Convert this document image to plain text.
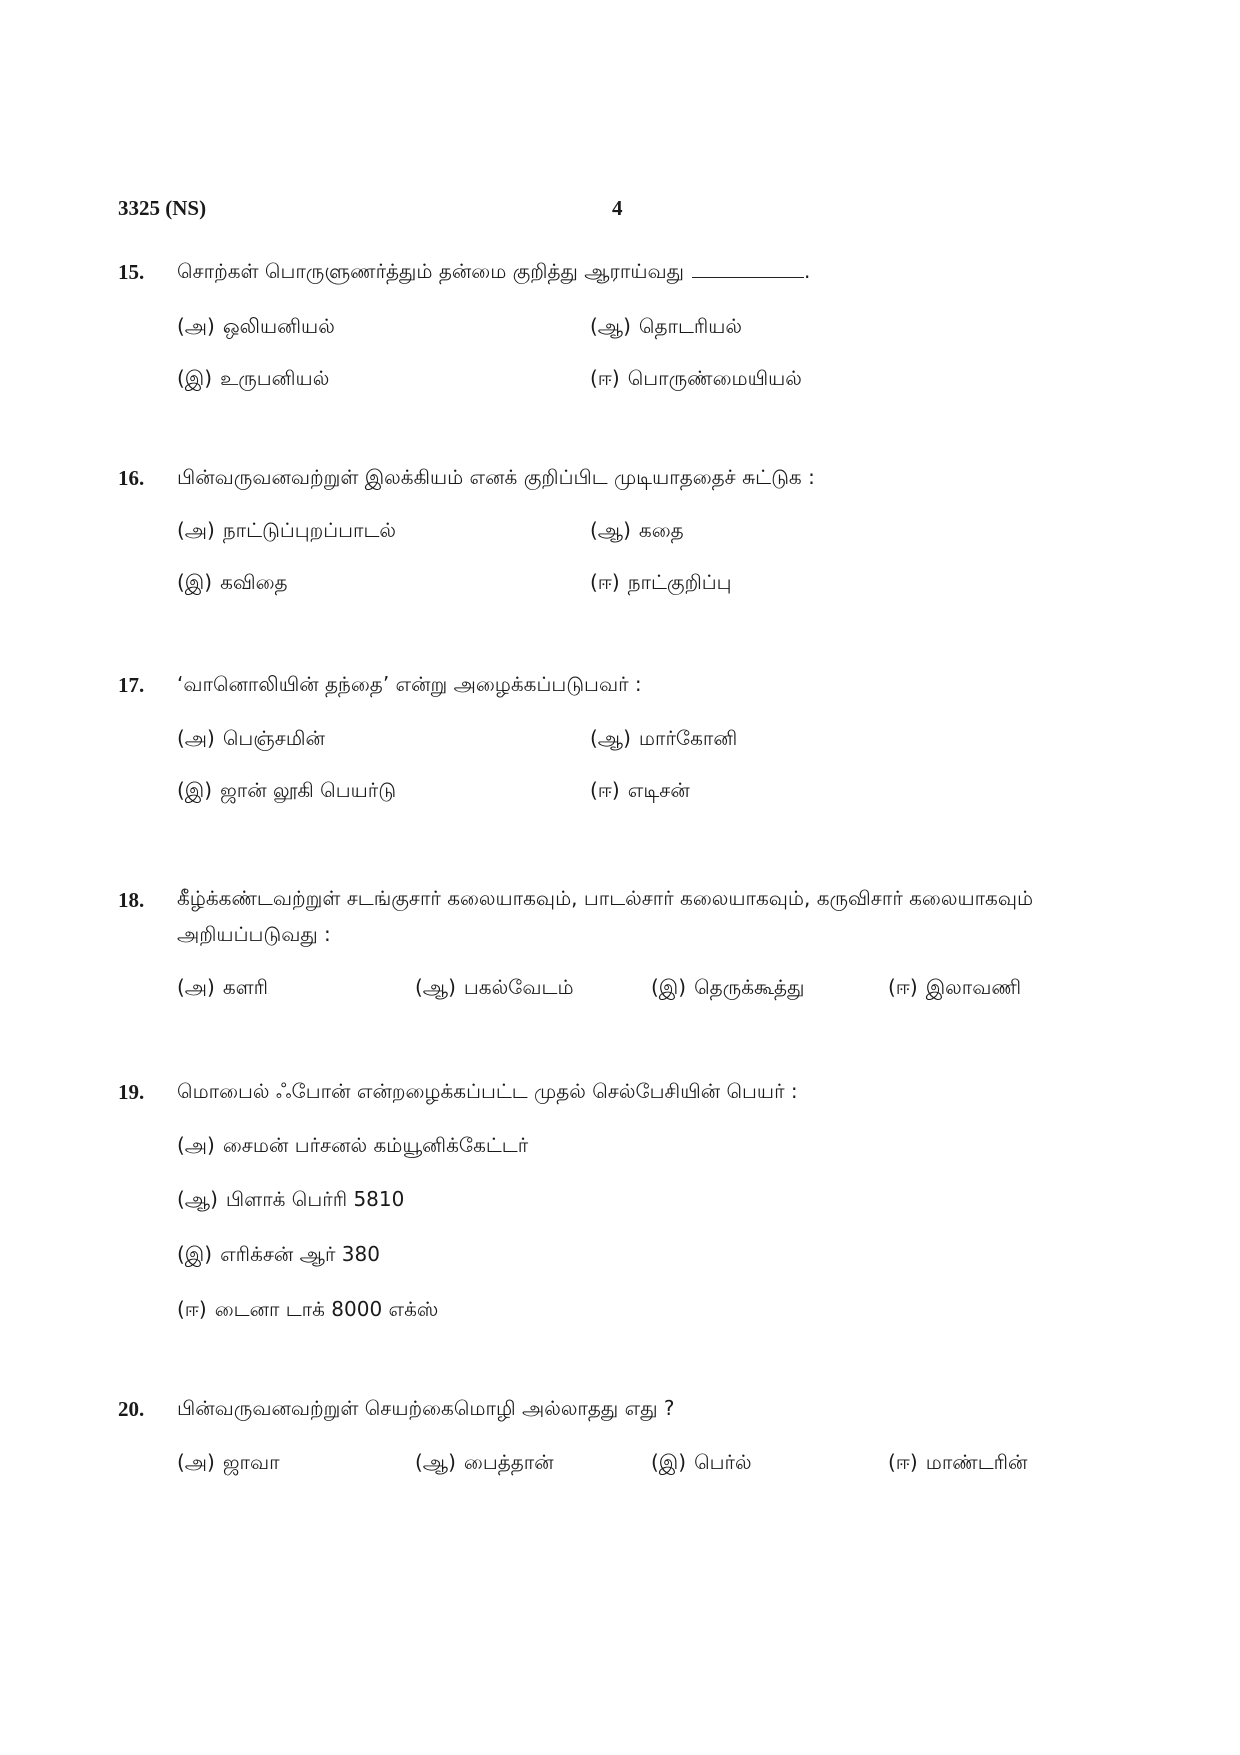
3325 (NS)	4
15. சொற்கள் பொருளுணர்த்தும் தன்மை குறித்து ஆராய்வது	.
(அ) ஒலியனியல்	(ஆ) தொடரியல்
(இ) உருபனியல்	(ஈ) பொருண்மையியல்
16. பின்வருவனவற்றுள் இலக்கியம் எனக் குறிப்பிட முடியாததைச் சுட்டுக :
(அ) நாட்டுப்புறப்பாடல்	(ஆ) கதை
(இ) கவிதை	(ஈ) நாட்குறிப்பு
17. ‘வானொலியின் தந்தை’ என்று அழைக்கப்படுபவர் :
(அ) பெஞ்சமின்	(ஆ) மார்கோனி
(இ) ஜான் லூகி பெயர்டு	(ஈ) எடிசன்
18. கீழ்க்கண்டவற்றுள் சடங்குசார் கலையாகவும், பாடல்சார் கலையாகவும், கருவிசார் கலையாகவும் அறியப்படுவது :
(அ) களரி	(ஆ) பகல்வேடம்	(இ) தெருக்கூத்து	(ஈ) இலாவணி
19. மொபைல் ஃபோன் என்றழைக்கப்பட்ட முதல் செல்பேசியின் பெயர் :
(அ) சைமன் பர்சனல் கம்யூனிக்கேட்டர்
(ஆ) பிளாக் பெர்ரி 5810
(இ) எரிக்சன் ஆர் 380
(ஈ) டைனா டாக் 8000 எக்ஸ்
20. பின்வருவனவற்றுள் செயற்கைமொழி அல்லாதது எது ?
(அ) ஜாவா	(ஆ) பைத்தான்	(இ) பெர்ல்	(ஈ) மாண்டரின்
